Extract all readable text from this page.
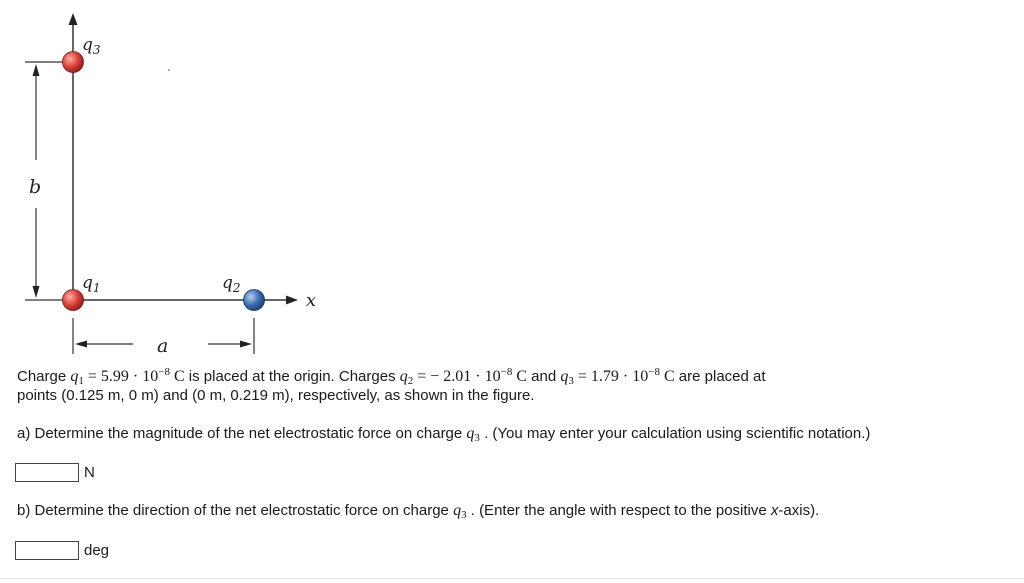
b
a
$q_3$
$q_1$	$q_2$
x
Charge $q1 = 5.99 \cdot 10^{-8}$ C is placed at the origin. Charges q2 = − $2.01 \cdot 10^{-8}$ C and $q3 = 1.79 \cdot 10^{-8}$ C are placed at
points (0.125 m, 0 m) and (0 m, 0.219 m), respectively, as shown in the figure.
a) Determine the magnitude of the net electrostatic force on charge q3 . (You may enter your calculation using scientific notation.)
N
b) Determine the direction of the net electrostatic force on charge q3 . (Enter the angle with respect to the positive x-axis).
deg
